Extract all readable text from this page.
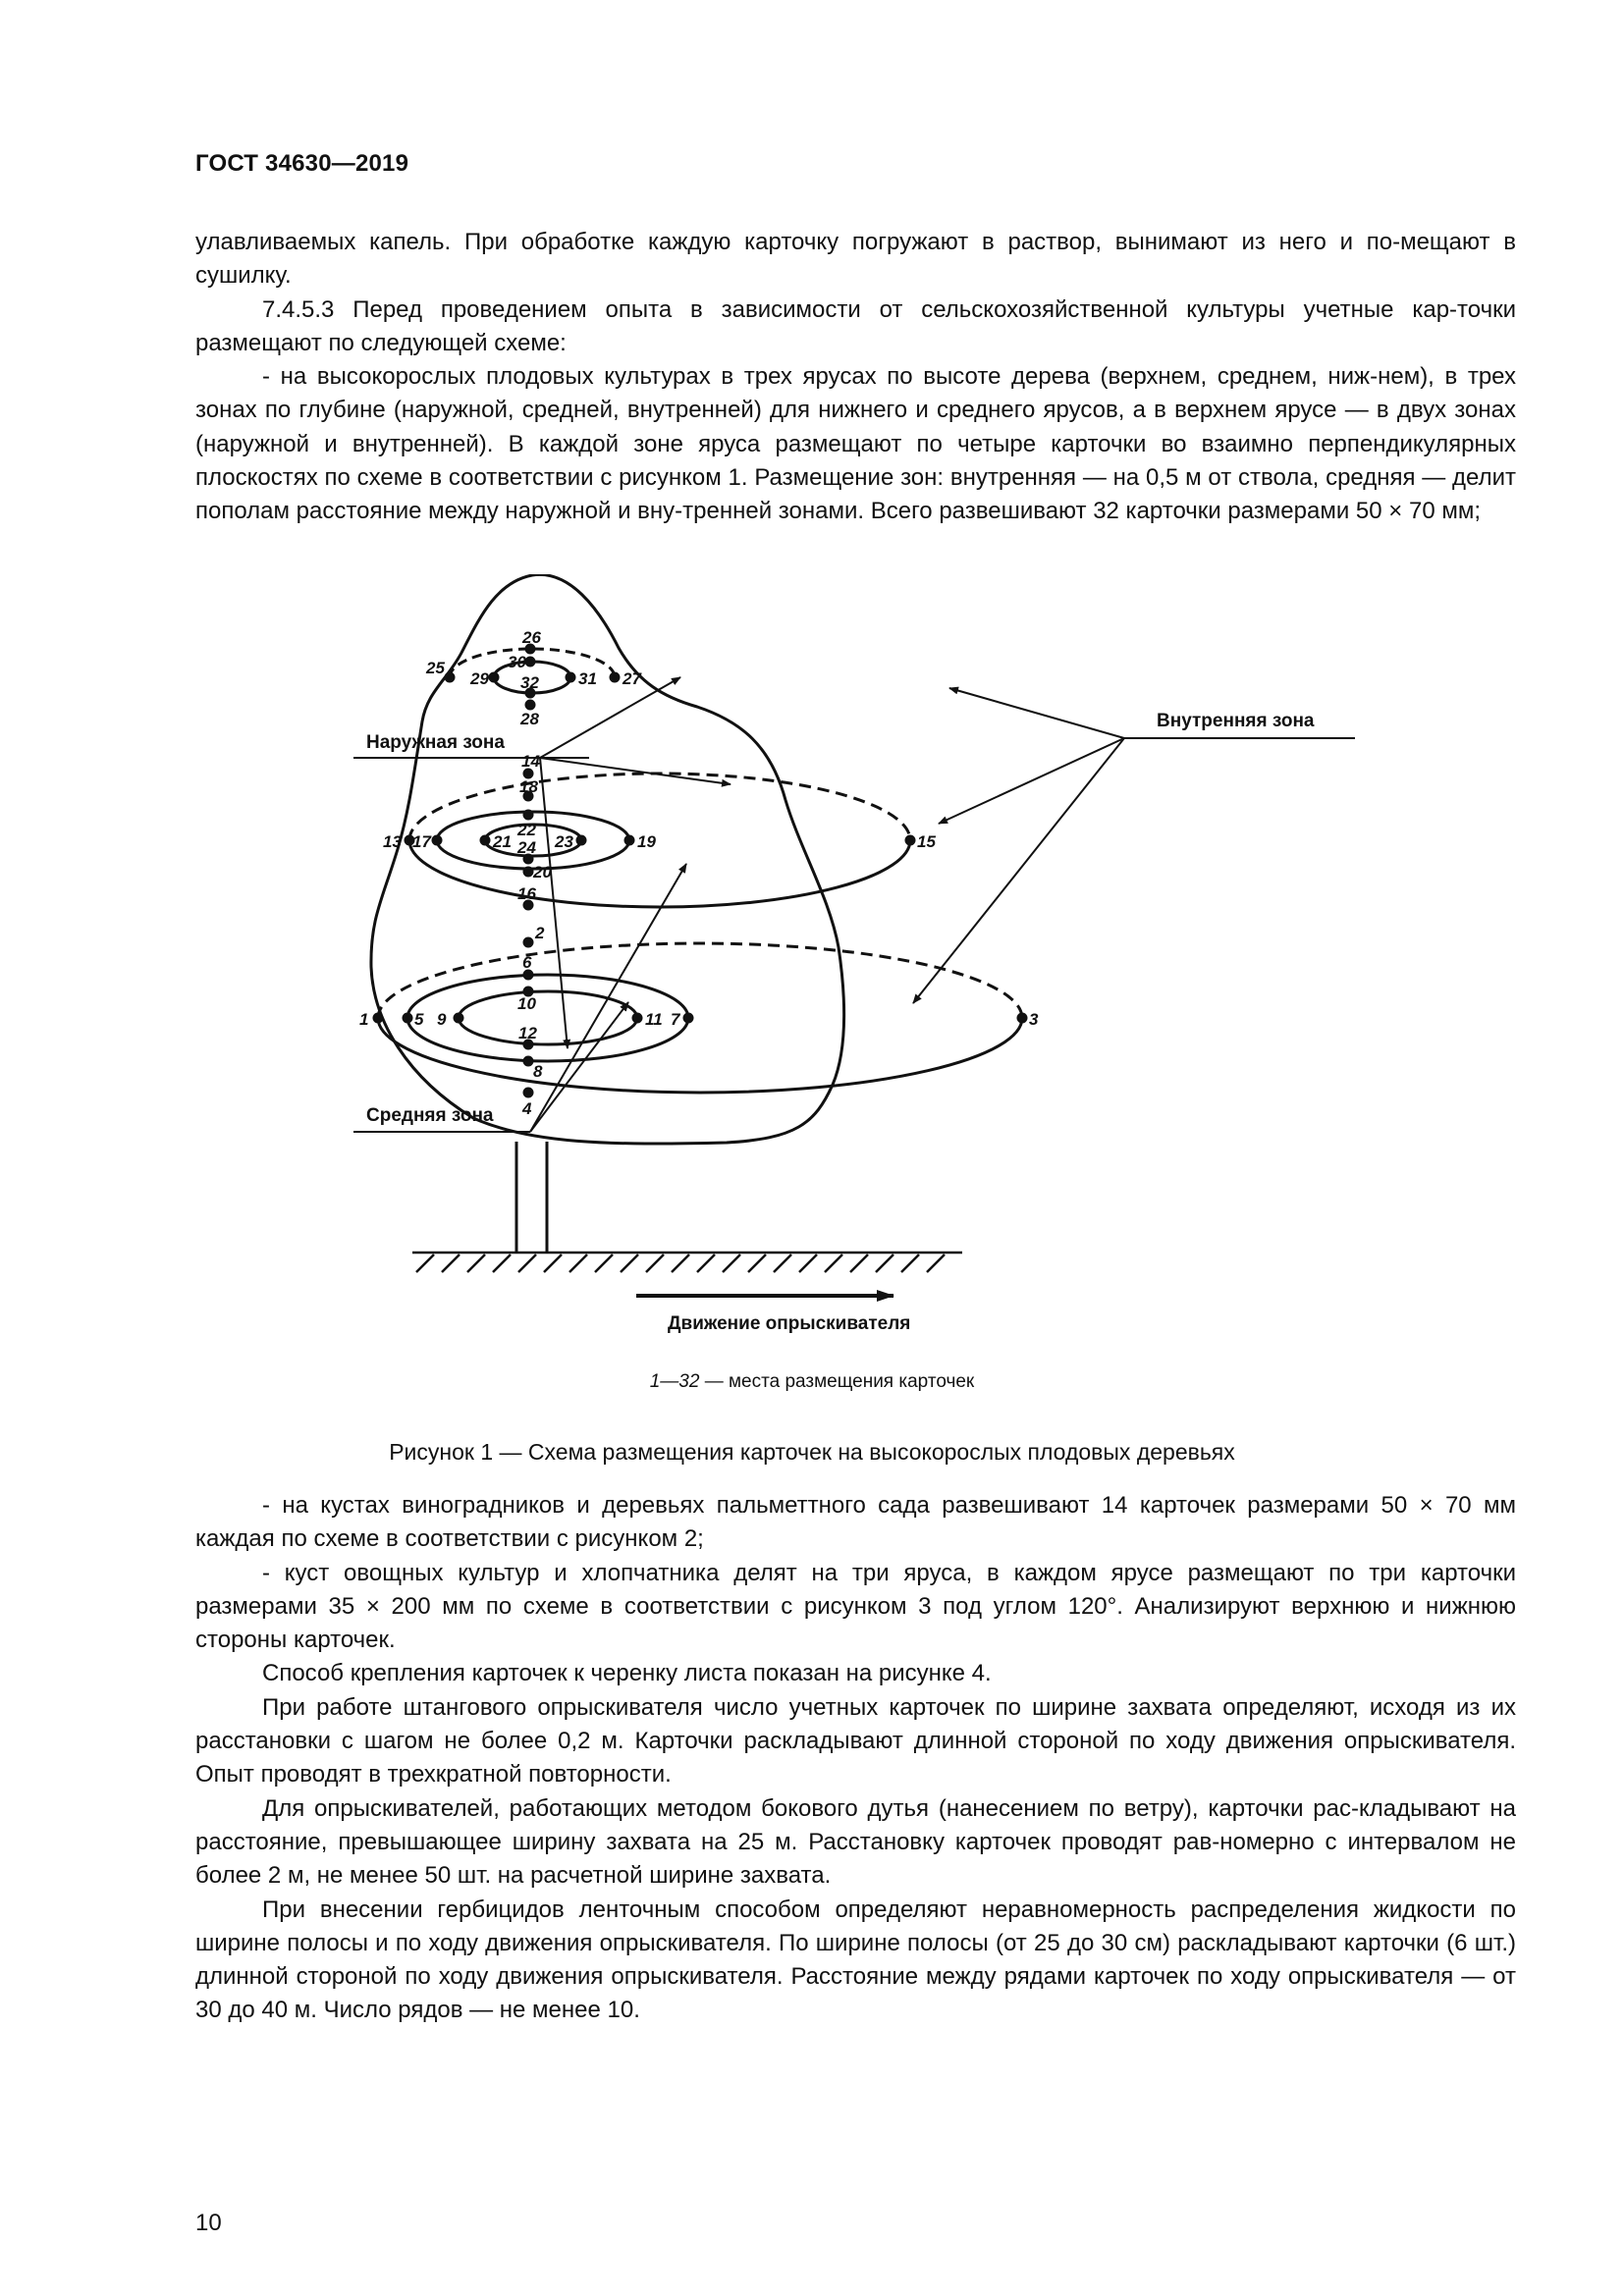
ГОСТ 34630—2019

улавливаемых капель. При обработке каждую карточку погружают в раствор, вынимают из него и по-мещают в сушилку.

7.4.5.3 Перед проведением опыта в зависимости от сельскохозяйственной культуры учетные кар-точки размещают по следующей схеме:

- на высокорослых плодовых культурах в трех ярусах по высоте дерева (верхнем, среднем, ниж-нем), в трех зонах по глубине (наружной, средней, внутренней) для нижнего и среднего ярусов, а в верхнем ярусе — в двух зонах (наружной и внутренней). В каждой зоне яруса размещают по четыре карточки во взаимно перпендикулярных плоскостях по схеме в соответствии с рисунком 1. Размещение зон: внутренняя — на 0,5 м от ствола, средняя — делит пополам расстояние между наружной и вну-тренней зонами. Всего развешивают 32 карточки размерами 50 × 70 мм;

Наружная зона
Внутренняя зона
Средняя зона
Движение опрыскивателя
1
2
3
4
5
6
7
8
9
10
11
12
13
14
15
16
17
18
19
20
21
22
23
24
25
26
27
28
29
30
31
32
1—32 — места размещения карточек
Рисунок 1 — Схема размещения карточек на высокорослых плодовых деревьях

- на кустах виноградников и деревьях пальметтного сада развешивают 14 карточек размерами 50 × 70 мм каждая по схеме в соответствии с рисунком 2;

- куст овощных культур и хлопчатника делят на три яруса, в каждом ярусе размещают по три карточки размерами 35 × 200 мм по схеме в соответствии с рисунком 3 под углом 120°. Анализируют верхнюю и нижнюю стороны карточек.

Способ крепления карточек к черенку листа показан на рисунке 4.

При работе штангового опрыскивателя число учетных карточек по ширине захвата определяют, исходя из их расстановки с шагом не более 0,2 м. Карточки раскладывают длинной стороной по ходу движения опрыскивателя. Опыт проводят в трехкратной повторности.

Для опрыскивателей, работающих методом бокового дутья (нанесением по ветру), карточки рас-кладывают на расстояние, превышающее ширину захвата на 25 м. Расстановку карточек проводят рав-номерно с интервалом не более 2 м, не менее 50 шт. на расчетной ширине захвата.

При внесении гербицидов ленточным способом определяют неравномерность распределения жидкости по ширине полосы и по ходу движения опрыскивателя. По ширине полосы (от 25 до 30 см) раскладывают карточки (6 шт.) длинной стороной по ходу движения опрыскивателя. Расстояние между рядами карточек по ходу опрыскивателя — от 30 до 40 м. Число рядов — не менее 10.

10
